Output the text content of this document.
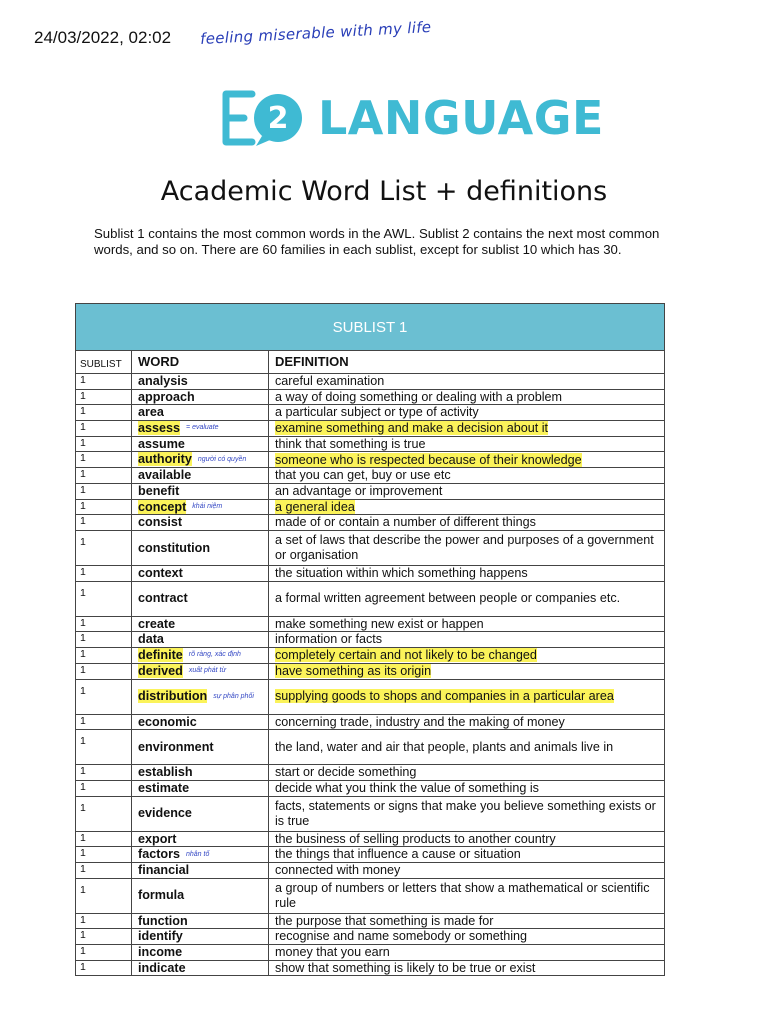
24/03/2022, 02:02 feeling miserable with my life
2 LANGUAGE
Academic Word List + definitions
Sublist 1 contains the most common words in the AWL. Sublist 2 contains the next most common words, and so on. There are 60 families in each sublist, except for sublist 10 which has 30.
SUBLIST 1
SUBLIST	WORD	DEFINITION
1	analysis	careful examination
1	approach	a way of doing something or dealing with a problem
1	area	a particular subject or type of activity
1	assess = evaluate	examine something and make a decision about it
1	assume	think that something is true
1	authority người có quyền	someone who is respected because of their knowledge
1	available	that you can get, buy or use etc
1	benefit	an advantage or improvement
1	concept khái niệm	a general idea
1	consist	made of or contain a number of different things
1	constitution	a set of laws that describe the power and purposes of a government or organisation
1	context	the situation within which something happens
1	contract	a formal written agreement between people or companies etc.
1	create	make something new exist or happen
1	data	information or facts
1	definite rõ ràng, xác định	completely certain and not likely to be changed
1	derived xuất phát từ	have something as its origin
1	distribution sự phân phối	supplying goods to shops and companies in a particular area
1	economic	concerning trade, industry and the making of money
1	environment	the land, water and air that people, plants and animals live in
1	establish	start or decide something
1	estimate	decide what you think the value of something is
1	evidence	facts, statements or signs that make you believe something exists or is true
1	export	the business of selling products to another country
1	factors nhân tố	the things that influence a cause or situation
1	financial	connected with money
1	formula	a group of numbers or letters that show a mathematical or scientific rule
1	function	the purpose that something is made for
1	identify	recognise and name somebody or something
1	income	money that you earn
1	indicate	show that something is likely to be true or exist
